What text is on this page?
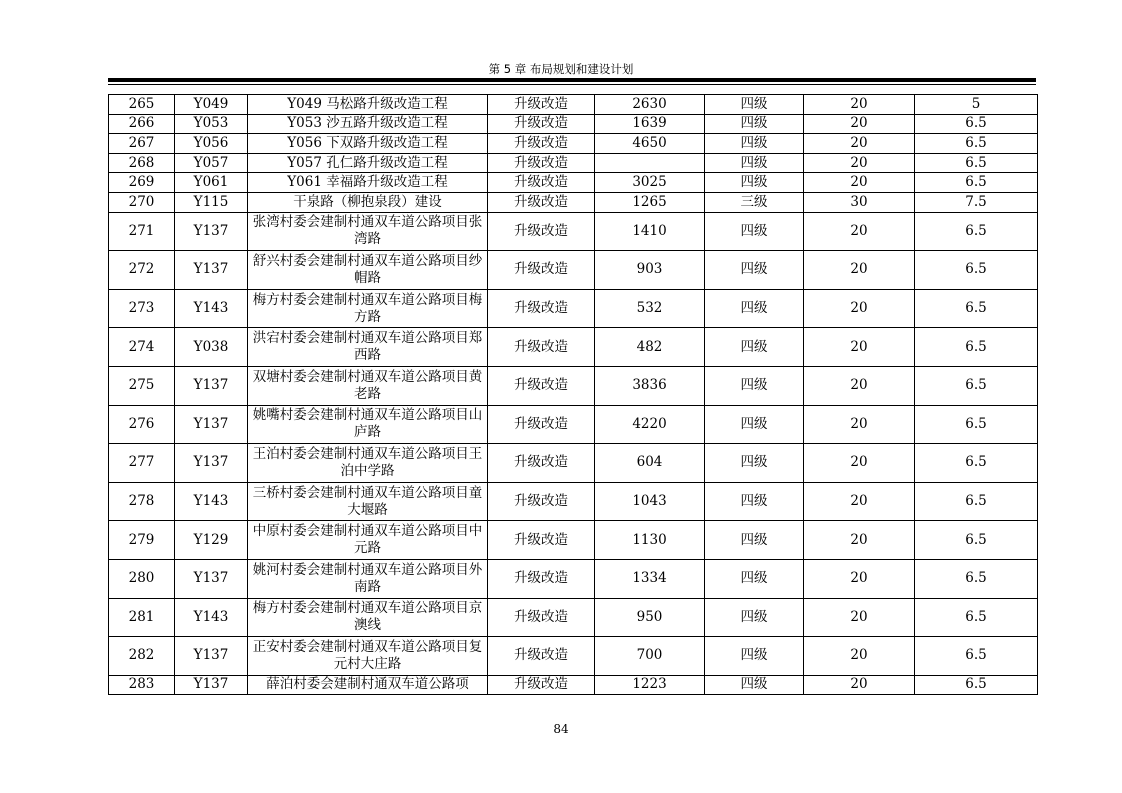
第 5 章 布局规划和建设计划
265	Y049	Y049 马松路升级改造工程	升级改造	2630	四级	20	5
266	Y053	Y053 沙五路升级改造工程	升级改造	1639	四级	20	6.5
267	Y056	Y056 下双路升级改造工程	升级改造	4650	四级	20	6.5
268	Y057	Y057 孔仁路升级改造工程	升级改造		四级	20	6.5
269	Y061	Y061 幸福路升级改造工程	升级改造	3025	四级	20	6.5
270	Y115	干泉路（柳抱泉段）建设	升级改造	1265	三级	30	7.5
271	Y137	张湾村委会建制村通双车道公路项目张湾路	升级改造	1410	四级	20	6.5
272	Y137	舒兴村委会建制村通双车道公路项目纱帽路	升级改造	903	四级	20	6.5
273	Y143	梅方村委会建制村通双车道公路项目梅方路	升级改造	532	四级	20	6.5
274	Y038	洪宕村委会建制村通双车道公路项目郑西路	升级改造	482	四级	20	6.5
275	Y137	双塘村委会建制村通双车道公路项目黄老路	升级改造	3836	四级	20	6.5
276	Y137	姚嘴村委会建制村通双车道公路项目山庐路	升级改造	4220	四级	20	6.5
277	Y137	王泊村委会建制村通双车道公路项目王泊中学路	升级改造	604	四级	20	6.5
278	Y143	三桥村委会建制村通双车道公路项目童大堰路	升级改造	1043	四级	20	6.5
279	Y129	中原村委会建制村通双车道公路项目中元路	升级改造	1130	四级	20	6.5
280	Y137	姚河村委会建制村通双车道公路项目外南路	升级改造	1334	四级	20	6.5
281	Y143	梅方村委会建制村通双车道公路项目京澳线	升级改造	950	四级	20	6.5
282	Y137	正安村委会建制村通双车道公路项目复元村大庄路	升级改造	700	四级	20	6.5
283	Y137	薛泊村委会建制村通双车道公路项	升级改造	1223	四级	20	6.5
84
